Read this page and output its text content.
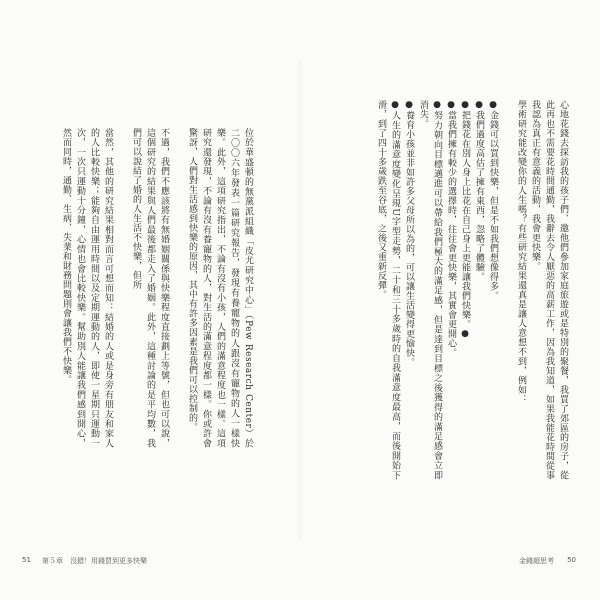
位於華盛頓的無黨派組織「皮尤研究中心」（Pew Research Center）於二〇〇六年發表一篇研究報告，發現有養寵物的人跟沒有寵物的人一樣快樂。此外，這項研究指出，不論有沒有小孩，人們的滿意程度也一樣。這項研究還發現，不論有沒有養寵物的人，對生活的滿意程度都一樣。你或許會驚訝，人們對生活感到快樂的原因，其中有許多因素是我們可以控制的。

不過，我們不應該將有無婚姻關係與快樂程度直接劃上等號，但也可以說，這個研究的結果與人們最後都走入了婚姻。此外，這種討論的是平均數，我們可以說結了婚的人生活不快樂，但所

當然，其他的研究結果相對而言可想而知：結婚的人或是身旁有朋友和家人的人比較快樂；能夠自由運用時間以及定期運動的人，即使一星期只運動一次，一次只運動十分鐘，心情也會比較快樂。幫助別人能讓我們感到開心，然而同時，通勤、生病、失業和財務問題則會讓我們不快樂。
51 第５章　沒錯！用錢買到更多快樂
心地花錢去探訪我的孩子們、邀他們參加家庭旅遊或是特別的聚餐，我買了郊區的房子，從此再也不需要花時間通勤，我辭去令人厭惡的高薪工作，因為我知道，如果我能花時間從事我認為真正有意義的活動，我會更快樂。
學術研究能改變你的人生嗎？有些研究結果還真是讓人意想不到，例如：

●金錢可以買到快樂，但是不如我們想像得多。
●我們過度高估了擁有東西，忽略了體驗。
●把錢花在別人身上比花在自己身上更能讓我們快樂。●
●當我們擁有較少的選擇時，往往會更快樂，其實會更開心。
●努力朝向目標邁進可以帶給我們極大的滿足感，但是達到目標之後獲得的滿足感會立即消失。
●養育小孩並非如許多父母所以為的，可以讓生活變得更愉快。
●人生的滿意度變化呈現U字型走勢，二十和三十多歲時的自我滿意度最高，而後開始下滑，到了四十多歲跌至谷底，之後又重新反彈。
金錢超思考 50
